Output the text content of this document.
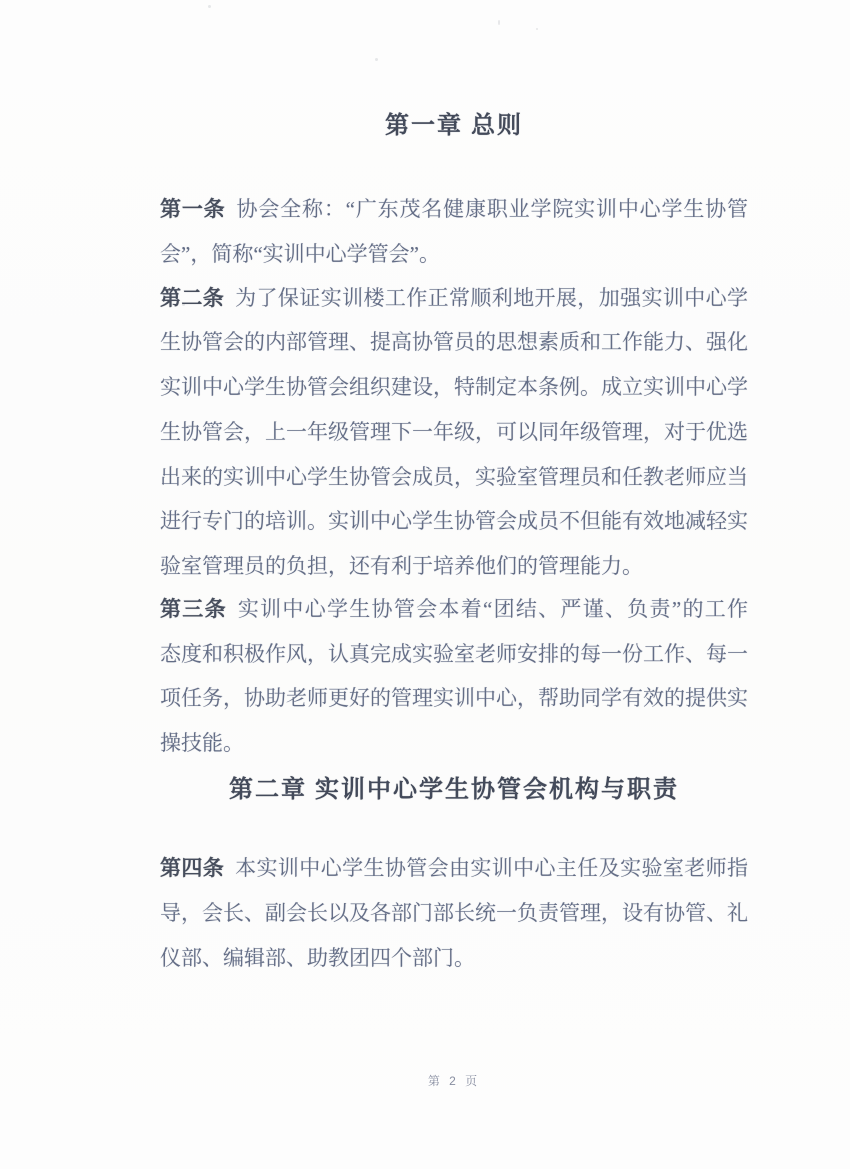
第一章 总则
第一条 协会全称：“广东茂名健康职业学院实训中心学生协管
会”，简称“实训中心学管会”。
第二条 为了保证实训楼工作正常顺利地开展，加强实训中心学
生协管会的内部管理、提高协管员的思想素质和工作能力、强化
实训中心学生协管会组织建设，特制定本条例。成立实训中心学
生协管会，上一年级管理下一年级，可以同年级管理，对于优选
出来的实训中心学生协管会成员，实验室管理员和任教老师应当
进行专门的培训。实训中心学生协管会成员不但能有效地减轻实
验室管理员的负担，还有利于培养他们的管理能力。
第三条 实训中心学生协管会本着“团结、严谨、负责”的工作
态度和积极作风，认真完成实验室老师安排的每一份工作、每一
项任务，协助老师更好的管理实训中心，帮助同学有效的提供实
操技能。
第二章 实训中心学生协管会机构与职责
第四条 本实训中心学生协管会由实训中心主任及实验室老师指
导，会长、副会长以及各部门部长统一负责管理，设有协管、礼
仪部、编辑部、助教团四个部门。
第 2 页
